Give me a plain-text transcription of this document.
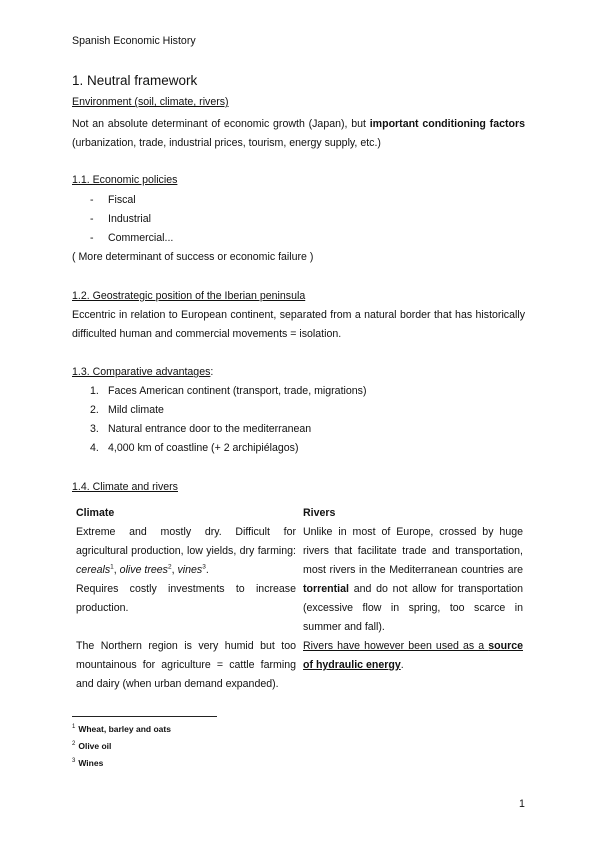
Spanish Economic History
1. Neutral framework
Environment (soil, climate, rivers)
Not an absolute determinant of economic growth (Japan), but important conditioning factors (urbanization, trade, industrial prices, tourism, energy supply, etc.)
1.1. Economic policies
- Fiscal
- Industrial
- Commercial...
( More determinant of success or economic failure )
1.2. Geostrategic position of the Iberian peninsula
Eccentric in relation to European continent, separated from a natural border that has historically difficulted human and commercial movements = isolation.
1.3. Comparative advantages:
1. Faces American continent (transport, trade, migrations)
2. Mild climate
3. Natural entrance door to the mediterranean
4. 4,000 km of coastline (+ 2 archipiélagos)
1.4. Climate and rivers
Climate
Extreme and mostly dry. Difficult for agricultural production, low yields, dry farming: cereals$^1$, olive trees$^2$, vines$^3$.
Requires costly investments to increase production.
The Northern region is very humid but too mountainous for agriculture = cattle farming and dairy (when urban demand expanded).
Rivers
Unlike in most of Europe, crossed by huge rivers that facilitate trade and transportation, most rivers in the Mediterranean countries are torrential and do not allow for transportation (excessive flow in spring, too scarce in summer and fall).
Rivers have however been used as a source of hydraulic energy.
$^1$ Wheat, barley and oats
$^2$ Olive oil
$^3$ Wines
1
